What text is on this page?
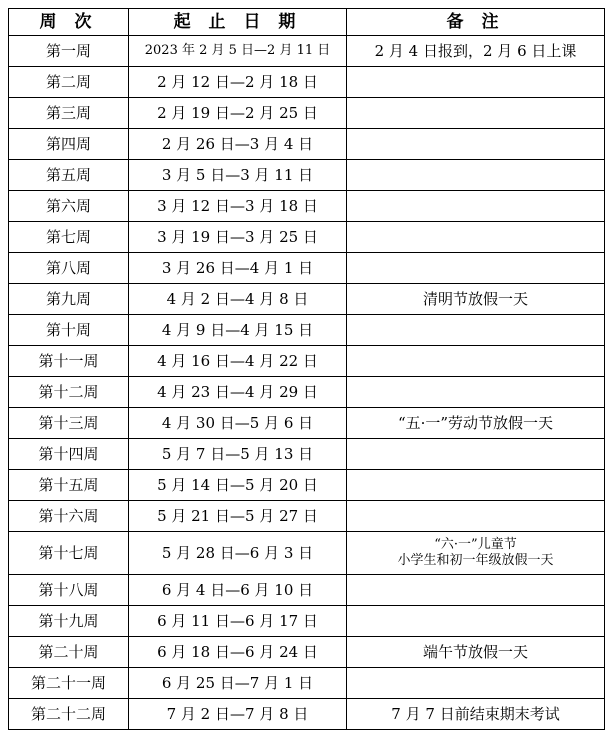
周 次	起 止 日 期	备 注
第一周	2023 年 2 月 5 日—2 月 11 日	2 月 4 日报到，2 月 6 日上课
第二周	2 月 12 日—2 月 18 日	
第三周	2 月 19 日—2 月 25 日	
第四周	2 月 26 日—3 月 4 日	
第五周	3 月 5 日—3 月 11 日	
第六周	3 月 12 日—3 月 18 日	
第七周	3 月 19 日—3 月 25 日	
第八周	3 月 26 日—4 月 1 日	
第九周	4 月 2 日—4 月 8 日	清明节放假一天
第十周	4 月 9 日—4 月 15 日	
第十一周	4 月 16 日—4 月 22 日	
第十二周	4 月 23 日—4 月 29 日	
第十三周	4 月 30 日—5 月 6 日	“五·一”劳动节放假一天
第十四周	5 月 7 日—5 月 13 日	
第十五周	5 月 14 日—5 月 20 日	
第十六周	5 月 21 日—5 月 27 日	
第十七周	5 月 28 日—6 月 3 日	“六·一”儿童节
小学生和初一年级放假一天

第十八周	6 月 4 日—6 月 10 日	
第十九周	6 月 11 日—6 月 17 日	
第二十周	6 月 18 日—6 月 24 日	端午节放假一天
第二十一周	6 月 25 日—7 月 1 日	
第二十二周	7 月 2 日—7 月 8 日	7 月 7 日前结束期末考试
